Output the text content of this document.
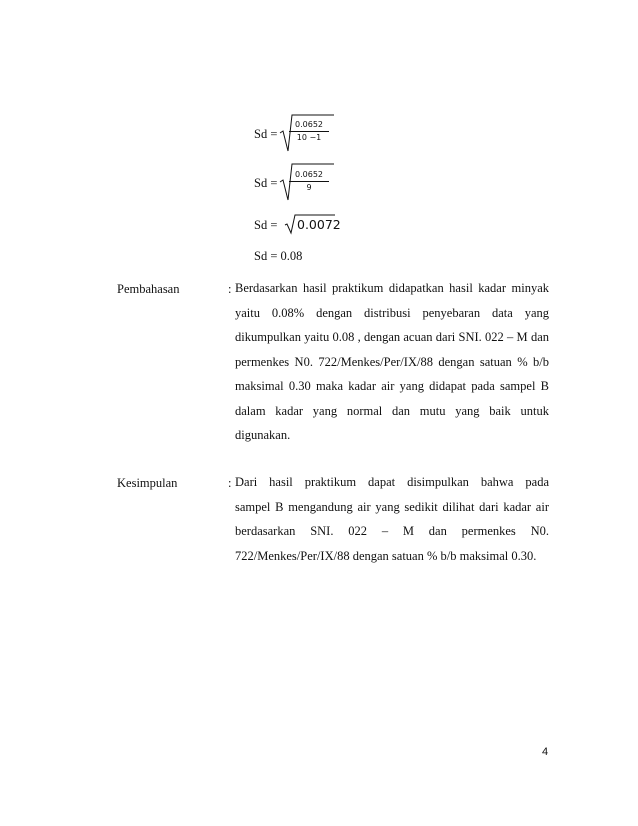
Sd =
0.0652
10 −1
Sd =
0.0652
9
Sd = 0.0072
Sd = 0.08
Pembahasan	: Berdasarkan hasil praktikum didapatkan hasil kadar minyak
yaitu 0.08% dengan distribusi penyebaran data yang
dikumpulkan yaitu 0.08 , dengan acuan dari SNI. 022 – M dan
permenkes N0. 722/Menkes/Per/IX/88 dengan satuan % b/b
maksimal 0.30 maka kadar air yang didapat pada sampel B
dalam kadar yang normal dan mutu yang baik untuk
digunakan.
Kesimpulan	: Dari hasil praktikum dapat disimpulkan bahwa pada
sampel B mengandung air yang sedikit dilihat dari kadar air
berdasarkan SNI. 022 – M dan permenkes N0.
722/Menkes/Per/IX/88 dengan satuan % b/b maksimal 0.30.
4
